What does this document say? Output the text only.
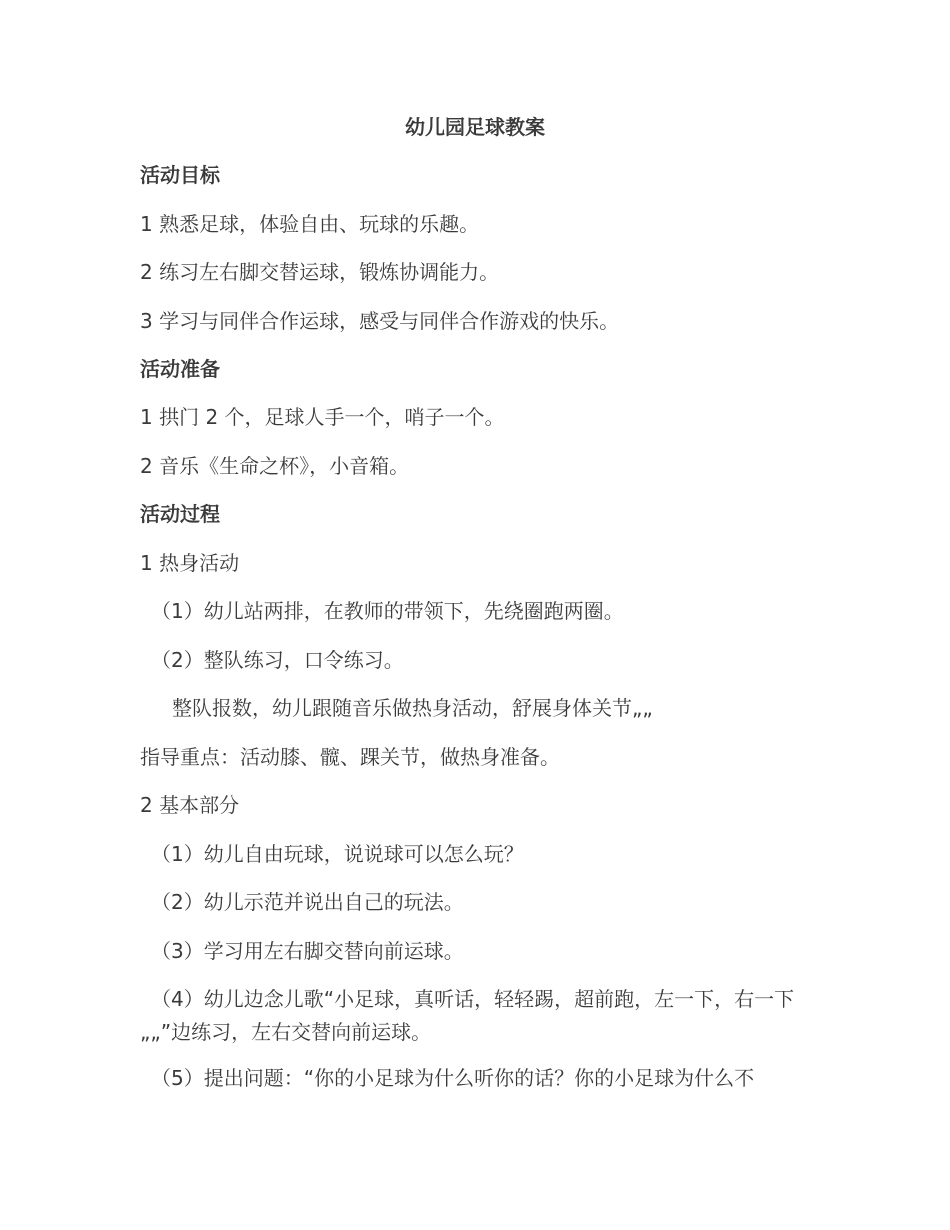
幼儿园足球教案
活动目标
1 熟悉足球，体验自由、玩球的乐趣。
2 练习左右脚交替运球，锻炼协调能力。
3 学习与同伴合作运球，感受与同伴合作游戏的快乐。
活动准备
1 拱门 2 个，足球人手一个，哨子一个。
2 音乐《生命之杯》，小音箱。
活动过程
1 热身活动
（1）幼儿站两排，在教师的带领下，先绕圈跑两圈。
（2）整队练习，口令练习。
整队报数，幼儿跟随音乐做热身活动，舒展身体关节„„
指导重点：活动膝、髋、踝关节，做热身准备。
2 基本部分
（1）幼儿自由玩球，说说球可以怎么玩？
（2）幼儿示范并说出自己的玩法。
（3）学习用左右脚交替向前运球。
（4）幼儿边念儿歌“小足球，真听话，轻轻踢，超前跑，左一下，右一下„„”边练习，左右交替向前运球。
（5）提出问题：“你的小足球为什么听你的话？你的小足球为什么不
